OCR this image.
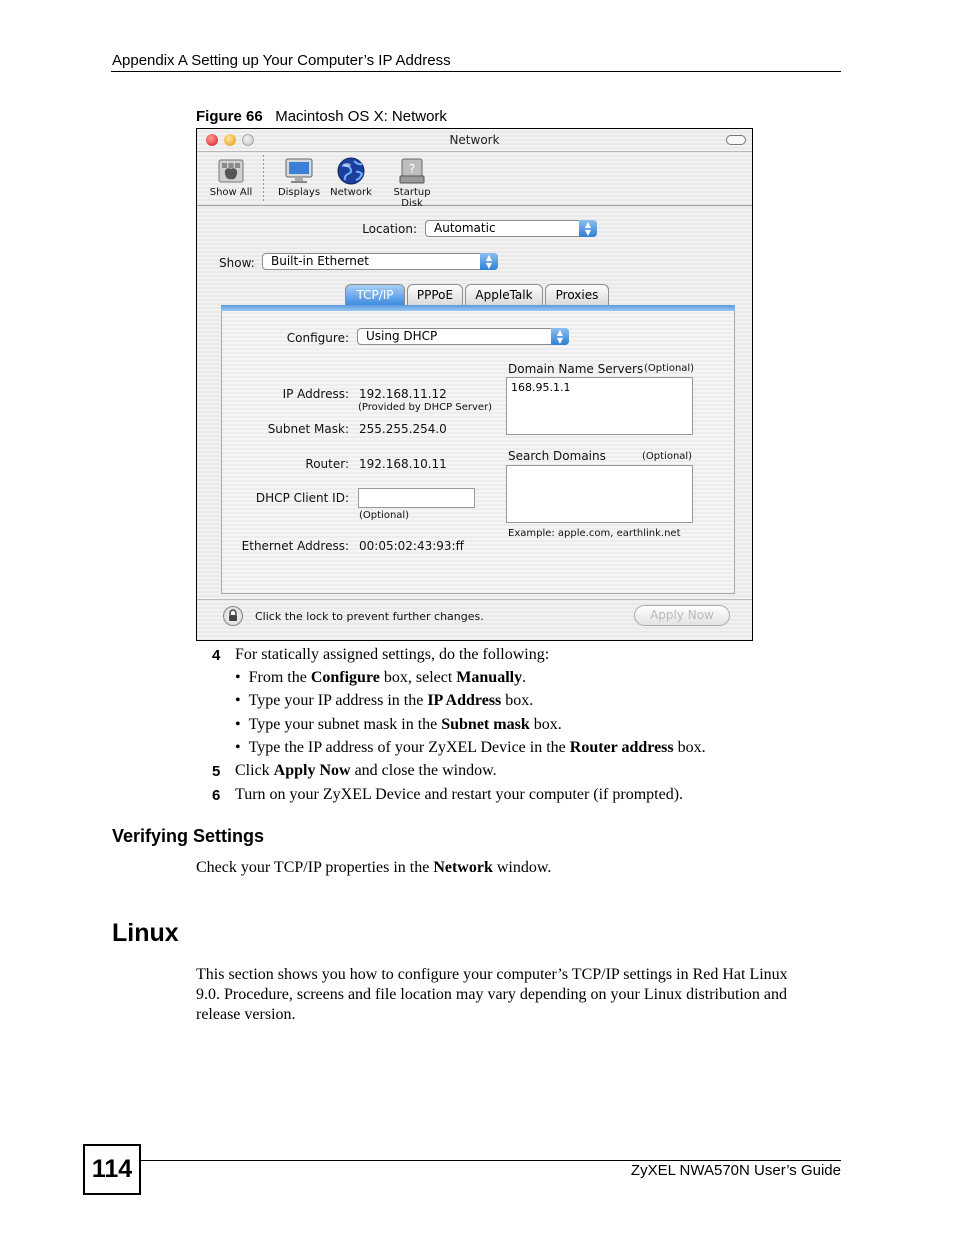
Appendix A Setting up Your Computer’s IP Address
Figure 66 Macintosh OS X: Network
Network
Show All	Displays	Network
?
Startup Disk
Location:	Automatic	▲
▼
Show:	Built-in Ethernet	▲
▼
TCP/IP	PPPoE	AppleTalk	Proxies
Configure:	Using DHCP	▲
▼
IP Address: 192.168.11.12
(Provided by DHCP Server)
Subnet Mask: 255.255.254.0
Router: 192.168.10.11
DHCP Client ID:
(Optional)
Ethernet Address: 00:05:02:43:93:ff
Domain Name Servers (Optional)
168.95.1.1
Search Domains	(Optional)
Example: apple.com, earthlink.net
Click the lock to prevent further changes.	Apply Now
4 For statically assigned settings, do the following:
•  From the Configure box, select Manually.
•  Type your IP address in the IP Address box.
•  Type your subnet mask in the Subnet mask box.
•  Type the IP address of your ZyXEL Device in the Router address box.
5 Click Apply Now and close the window.
6 Turn on your ZyXEL Device and restart your computer (if prompted).
Verifying Settings
Check your TCP/IP properties in the Network window.
Linux
This section shows you how to configure your computer’s TCP/IP settings in Red Hat Linux
9.0. Procedure, screens and file location may vary depending on your Linux distribution and
release version.
114	ZyXEL NWA570N User’s Guide
